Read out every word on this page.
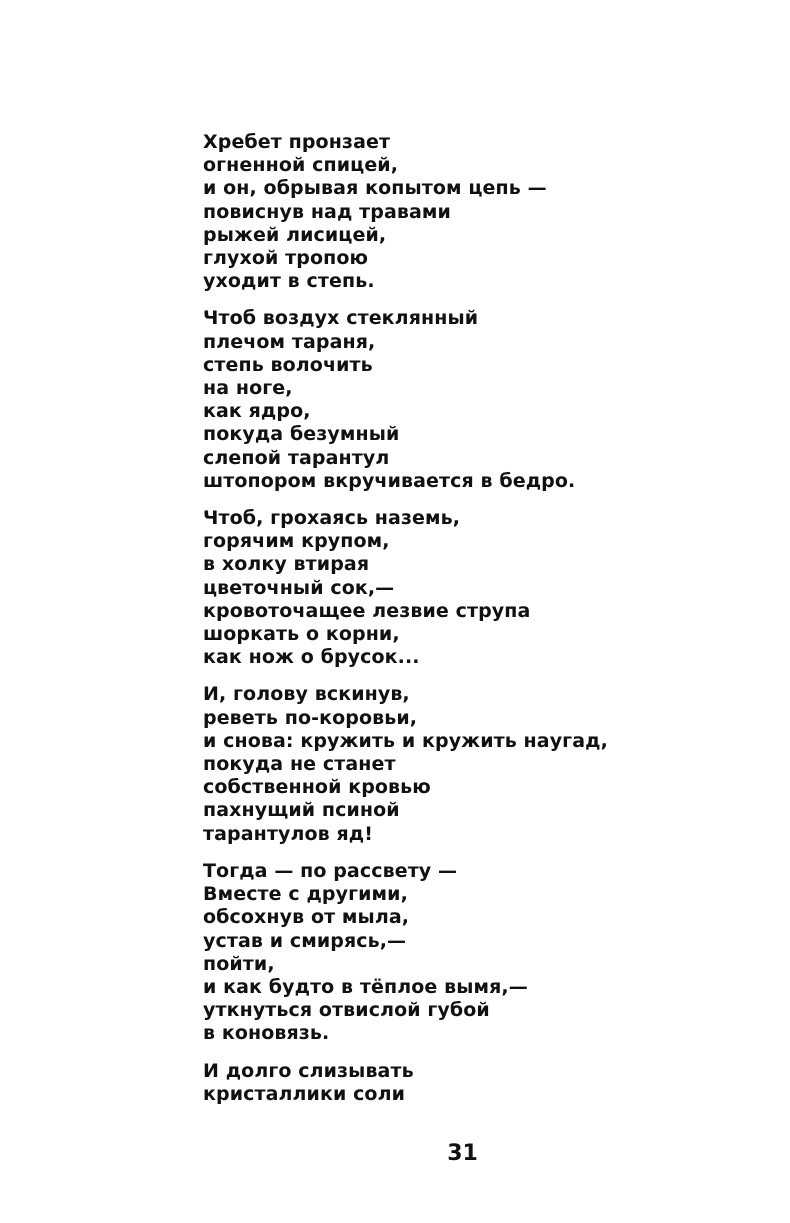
Хребет пронзает
огненной спицей,
и он, обрывая копытом цепь —
повиснув над травами
рыжей лисицей,
глухой тропою
уходит в степь.
Чтоб воздух стеклянный
плечом тараня,
степь волочить
на ноге,
как ядро,
покуда безумный
слепой тарантул
штопором вкручивается в бедро.
Чтоб, грохаясь наземь,
горячим крупом,
в холку втирая
цветочный сок,—
кровоточащее лезвие струпа
шоркать о корни,
как нож о брусок...
И, голову вскинув,
реветь по-коровьи,
и снова: кружить и кружить наугад,
покуда не станет
собственной кровью
пахнущий псиной
тарантулов яд!
Тогда — по рассвету —
Вместе с другими,
обсохнув от мыла,
устав и смирясь,—
пойти,
и как будто в тёплое вымя,—
уткнуться отвислой губой
в коновязь.
И долго слизывать
кристаллики соли
31
